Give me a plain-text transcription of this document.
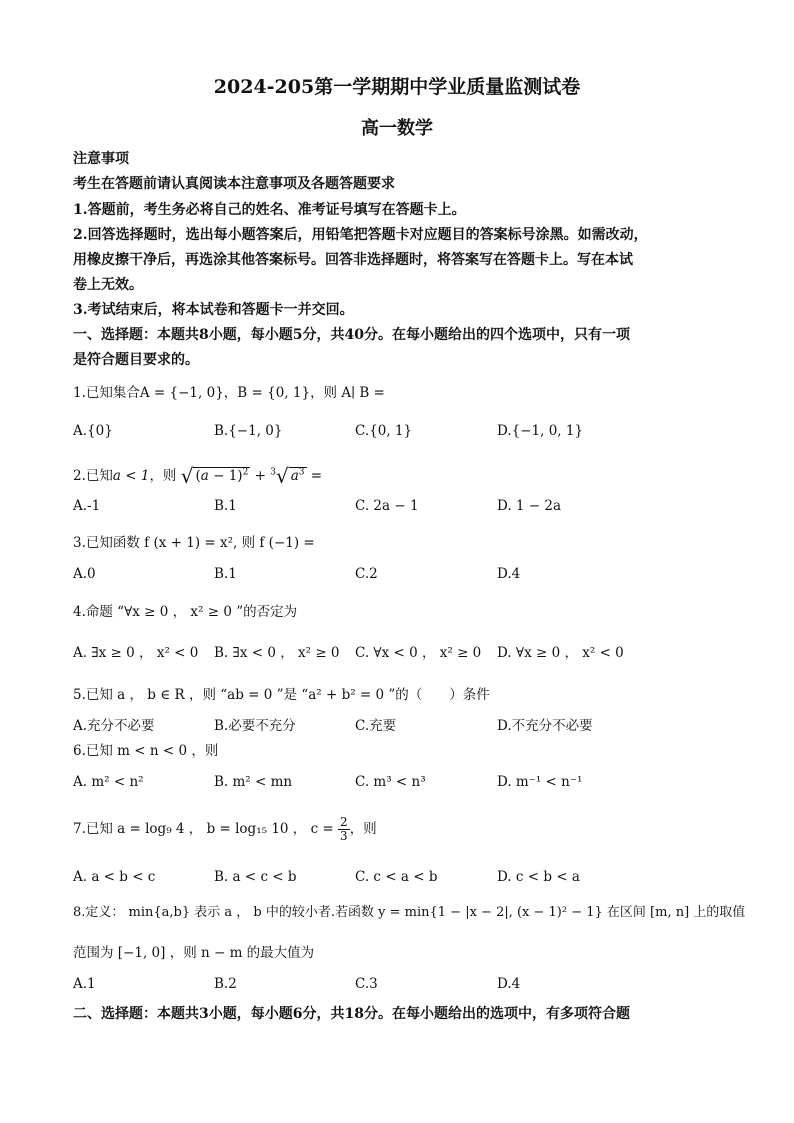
2024-205第一学期期中学业质量监测试卷
高一数学
注意事项
考生在答题前请认真阅读本注意事项及各题答题要求
1.答题前，考生务必将自己的姓名、准考证号填写在答题卡上。
2.回答选择题时，选出每小题答案后，用铅笔把答题卡对应题目的答案标号涂黑。如需改动，
用橡皮擦干净后，再选涂其他答案标号。回答非选择题时，将答案写在答题卡上。写在本试
卷上无效。
3.考试结束后，将本试卷和答题卡一并交回。
一、选择题：本题共8小题，每小题5分，共40分。在每小题给出的四个选项中，只有一项
是符合题目要求的。
1.已知集合A = {−1, 0}，B = {0, 1}，则 A∣ B =
A.{0}	B.{−1, 0}	C.{0, 1}	D.{−1, 0, 1}
2.已知a < 1，则 √ $(a - 1)^2 + ^3√$ $a^3$ =
A.-1	B.1	C. 2a − 1	D. 1 − 2a
3.已知函数 f (x + 1) = x², 则 f (−1) =
A.0	B.1	C.2	D.4
4.命题 “∀x ≥ 0 ， x² ≥ 0 ”的否定为
A. ∃x ≥ 0 ， x² < 0 B. ∃x < 0 ， x² ≥ 0 C. ∀x < 0 ， x² ≥ 0 D. ∀x ≥ 0 ， x² < 0
5.已知 a ， b ∈ R ，则 “ab = 0 ”是 “a² + b² = 0 ”的（　　）条件
A.充分不必要	B.必要不充分	C.充要	D.不充分不必要
6.已知 m < n < 0 ，则
A. m² < n²	B. m² < mn	C. m³ < n³	D. m⁻¹ < n⁻¹
7.已知 a = log₉ 4 ， b = log₁₅ 10 ， $c = \frac{2}{3}$ ，则
A. a < b < c	B. a < c < b	C. c < a < b	D. c < b < a
8.定义： min{a,b} 表示 a ， b 中的较小者.若函数 y = min{1 − |x − 2|, (x − 1)² − 1} 在区间 [m, n] 上的取值
范围为 [−1, 0] ，则 n − m 的最大值为
A.1	B.2	C.3	D.4
二、选择题：本题共3小题，每小题6分，共18分。在每小题给出的选项中，有多项符合题
